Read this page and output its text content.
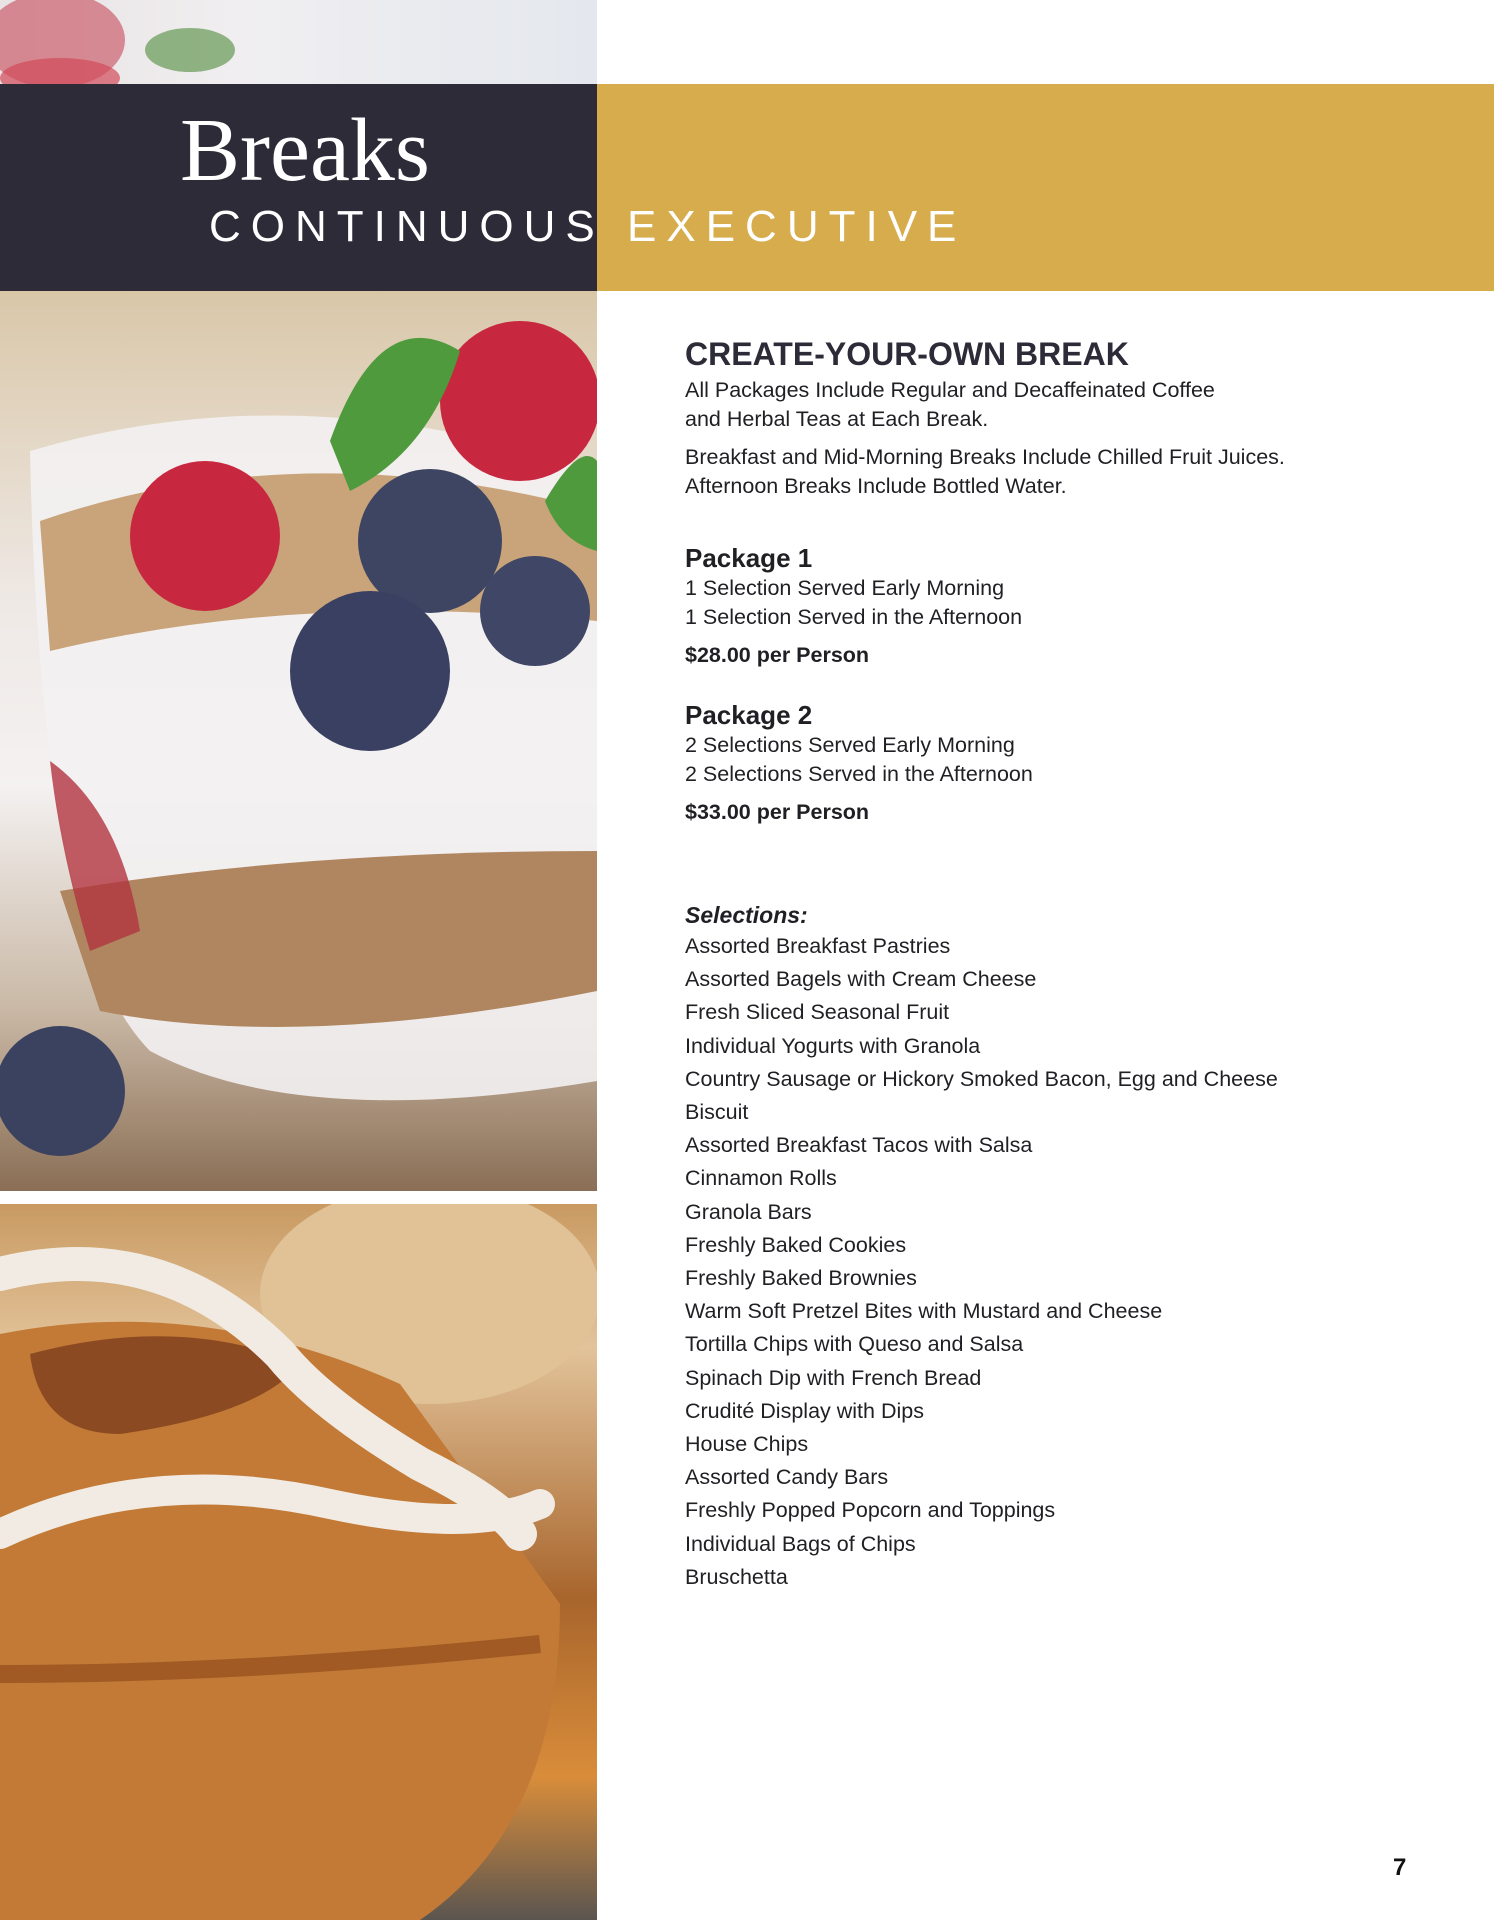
Breaks
CONTINUOUS EXECUTIVE
CREATE-YOUR-OWN BREAK

All Packages Include Regular and Decaffeinated Coffee

and Herbal Teas at Each Break.

Breakfast and Mid-Morning Breaks Include Chilled Fruit Juices.

Afternoon Breaks Include Bottled Water.

Package 1

1 Selection Served Early Morning

1 Selection Served in the Afternoon

$28.00 per Person

Package 2

2 Selections Served Early Morning

2 Selections Served in the Afternoon

$33.00 per Person

Selections:

Assorted Breakfast Pastries
Assorted Bagels with Cream Cheese
Fresh Sliced Seasonal Fruit
Individual Yogurts with Granola
Country Sausage or Hickory Smoked Bacon, Egg and Cheese
Biscuit
Assorted Breakfast Tacos with Salsa
Cinnamon Rolls
Granola Bars
Freshly Baked Cookies
Freshly Baked Brownies
Warm Soft Pretzel Bites with Mustard and Cheese
Tortilla Chips with Queso and Salsa
Spinach Dip with French Bread
Crudité Display with Dips
House Chips
Assorted Candy Bars
Freshly Popped Popcorn and Toppings
Individual Bags of Chips
Bruschetta
7
